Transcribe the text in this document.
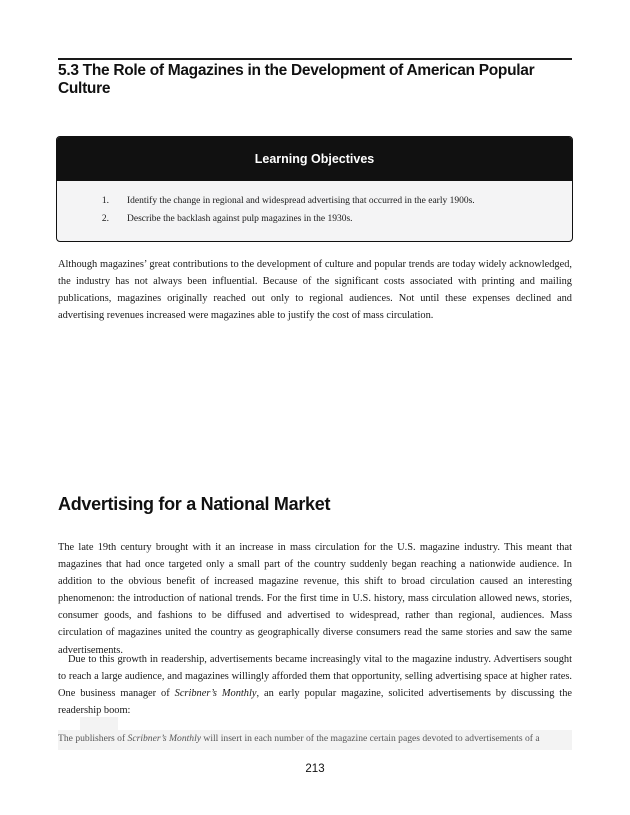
5.3 The Role of Magazines in the Development of American Popular Culture
Learning Objectives
1.	Identify the change in regional and widespread advertising that occurred in the early 1900s.
2.	Describe the backlash against pulp magazines in the 1930s.

Although magazines’ great contributions to the development of culture and popular trends are today widely acknowledged, the industry has not always been influential. Because of the significant costs associated with printing and mailing publications, magazines originally reached out only to regional audiences. Not until these expenses declined and advertising revenues increased were magazines able to justify the cost of mass circulation.

Advertising for a National Market

The late 19th century brought with it an increase in mass circulation for the U.S. magazine industry. This meant that magazines that had once targeted only a small part of the country suddenly began reaching a nationwide audience. In addition to the obvious benefit of increased magazine revenue, this shift to broad circulation caused an interesting phenomenon: the introduction of national trends. For the first time in U.S. history, mass circulation allowed news, stories, consumer goods, and fashions to be diffused and advertised to widespread, rather than regional, audiences. Mass circulation of magazines united the country as geographically diverse consumers read the same stories and saw the same advertisements.

Due to this growth in readership, advertisements became increasingly vital to the magazine industry. Advertisers sought to reach a large audience, and magazines willingly afforded them that opportunity, selling advertising space at higher rates. One business manager of Scribner’s Monthly, an early popular magazine, solicited advertisements by discussing the readership boom:

The publishers of Scribner’s Monthly will insert in each number of the magazine certain pages devoted to advertisements of a

213
